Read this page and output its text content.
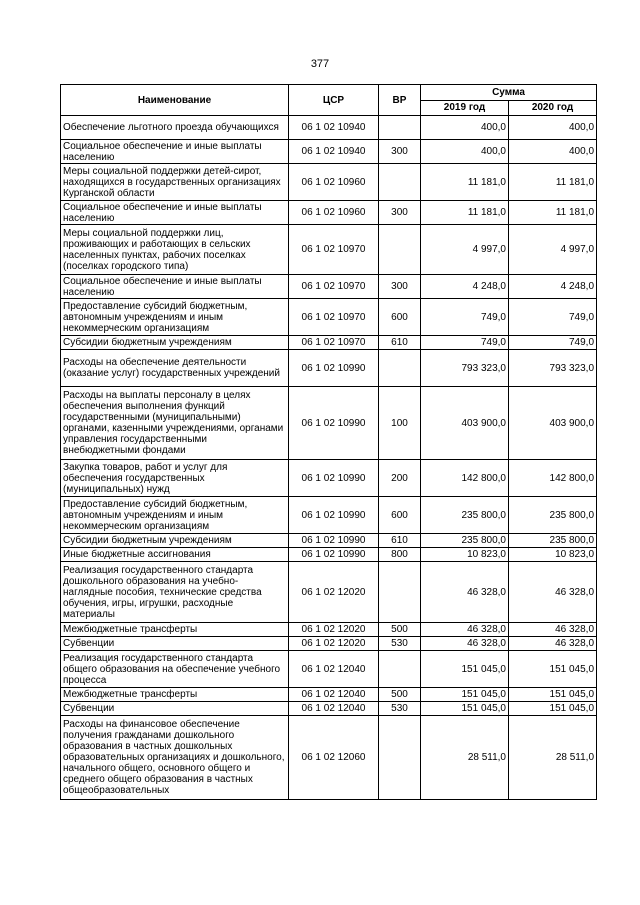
377
Наименование	ЦСР	ВР	Сумма	
			2019 год	2020 год
Обеспечение льготного проезда обучающихся	06 1 02 10940		400,0	400,0
Социальное обеспечение и иные выплаты населению	06 1 02 10940	300	400,0	400,0
Меры социальной поддержки детей-сирот, находящихся в государственных организациях Курганской области	06 1 02 10960		11 181,0	11 181,0
Социальное обеспечение и иные выплаты населению	06 1 02 10960	300	11 181,0	11 181,0
Меры социальной поддержки лиц, проживающих и работающих в сельских населенных пунктах, рабочих поселках (поселках городского типа)	06 1 02 10970		4 997,0	4 997,0
Социальное обеспечение и иные выплаты населению	06 1 02 10970	300	4 248,0	4 248,0
Предоставление субсидий бюджетным, автономным учреждениям и иным некоммерческим организациям	06 1 02 10970	600	749,0	749,0
Субсидии бюджетным учреждениям	06 1 02 10970	610	749,0	749,0
Расходы на обеспечение деятельности (оказание услуг) государственных учреждений	06 1 02 10990		793 323,0	793 323,0
Расходы на выплаты персоналу в целях обеспечения выполнения функций государственными (муниципальными) органами, казенными учреждениями, органами управления государственными внебюджетными фондами	06 1 02 10990	100	403 900,0	403 900,0
Закупка товаров, работ и услуг для обеспечения государственных (муниципальных) нужд	06 1 02 10990	200	142 800,0	142 800,0
Предоставление субсидий бюджетным, автономным учреждениям и иным некоммерческим организациям	06 1 02 10990	600	235 800,0	235 800,0
Субсидии бюджетным учреждениям	06 1 02 10990	610	235 800,0	235 800,0
Иные бюджетные ассигнования	06 1 02 10990	800	10 823,0	10 823,0
Реализация государственного стандарта дошкольного образования на учебно-наглядные пособия, технические средства обучения, игры, игрушки, расходные материалы	06 1 02 12020		46 328,0	46 328,0
Межбюджетные трансферты	06 1 02 12020	500	46 328,0	46 328,0
Субвенции	06 1 02 12020	530	46 328,0	46 328,0
Реализация государственного стандарта общего образования на обеспечение учебного процесса	06 1 02 12040		151 045,0	151 045,0
Межбюджетные трансферты	06 1 02 12040	500	151 045,0	151 045,0
Субвенции	06 1 02 12040	530	151 045,0	151 045,0
Расходы на финансовое обеспечение получения гражданами дошкольного образования в частных дошкольных образовательных организациях и дошкольного, начального общего, основного общего и среднего общего образования в частных общеобразовательных	06 1 02 12060		28 511,0	28 511,0
